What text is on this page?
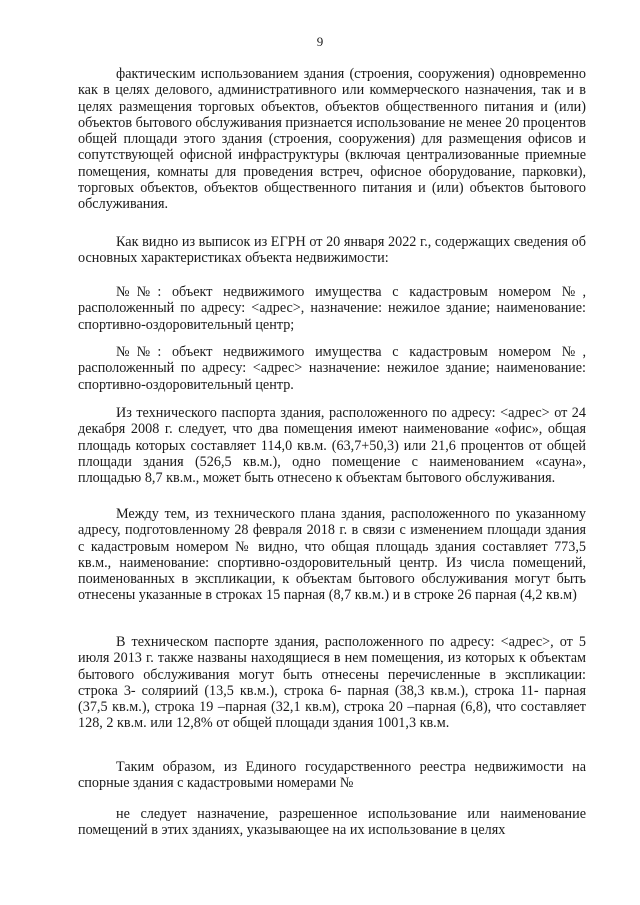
9

фактическим использованием здания (строения, сооружения) одновременно как в целях делового, административного или коммерческого назначения, так и в целях размещения торговых объектов, объектов общественного питания и (или) объектов бытового обслуживания признается использование не менее 20 процентов общей площади этого здания (строения, сооружения) для размещения офисов и сопутствующей офисной инфраструктуры (включая централизованные приемные помещения, комнаты для проведения встреч, офисное оборудование, парковки), торговых объектов, объектов общественного питания и (или) объектов бытового обслуживания.

Как видно из выписок из ЕГРН от 20 января 2022 г., содержащих сведения об основных характеристиках объекта недвижимости:

№№: объект недвижимого имущества с кадастровым номером №, расположенный по адресу: <адрес>, назначение: нежилое здание; наименование: спортивно-оздоровительный центр;

№№: объект недвижимого имущества с кадастровым номером №, расположенный по адресу: <адрес> назначение: нежилое здание; наименование: спортивно-оздоровительный центр.

Из технического паспорта здания, расположенного по адресу: <адрес> от 24 декабря 2008 г. следует, что два помещения имеют наименование «офис», общая площадь которых составляет 114,0 кв.м. (63,7+50,3) или 21,6 процентов от общей площади здания (526,5 кв.м.), одно помещение с наименованием «сауна», площадью 8,7 кв.м., может быть отнесено к объектам бытового обслуживания.

Между тем, из технического плана здания, расположенного по указанному адресу, подготовленному 28 февраля 2018 г. в связи с изменением площади здания с кадастровым номером № видно, что общая площадь здания составляет 773,5 кв.м., наименование: спортивно-оздоровительный центр. Из числа помещений, поименованных в экспликации, к объектам бытового обслуживания могут быть отнесены указанные в строках 15 парная (8,7 кв.м.) и в строке 26 парная (4,2 кв.м)

В техническом паспорте здания, расположенного по адресу: <адрес>, от 5 июля 2013 г. также названы находящиеся в нем помещения, из которых к объектам бытового обслуживания могут быть отнесены перечисленные в экспликации: строка 3- соляриий (13,5 кв.м.), строка 6- парная (38,3 кв.м.), строка 11- парная (37,5 кв.м.), строка 19 –парная (32,1 кв.м), строка 20 –парная (6,8), что составляет 128, 2 кв.м. или 12,8% от общей площади здания 1001,3 кв.м.

Таким образом, из Единого государственного реестра недвижимости на спорные здания с кадастровыми номерами №

не следует назначение, разрешенное использование или наименование помещений в этих зданиях, указывающее на их использование в целях
